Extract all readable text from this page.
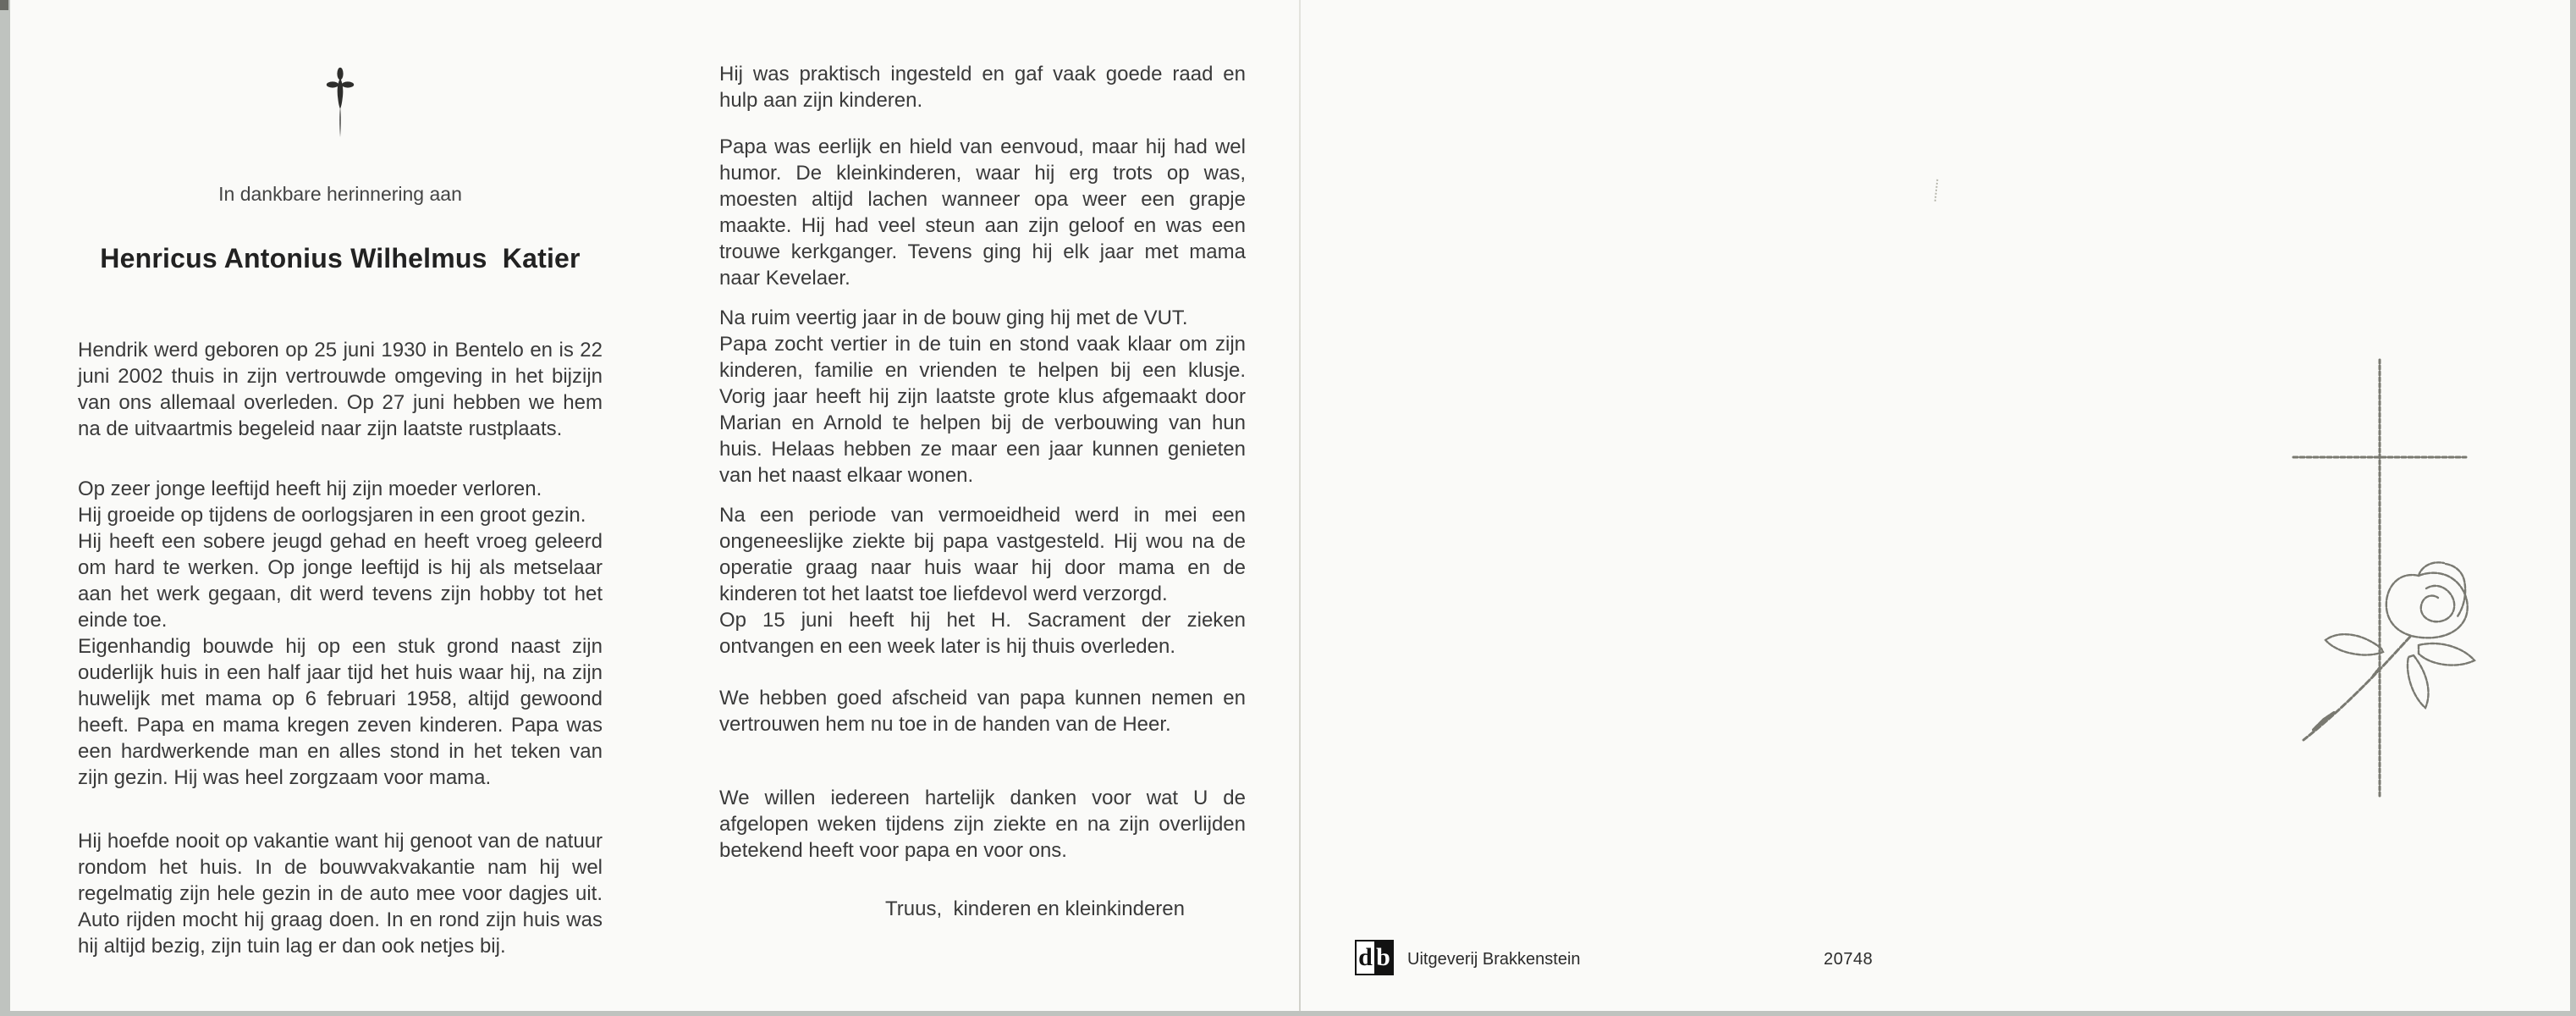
In dankbare herinnering aan
Henricus Antonius Wilhelmus  Katier
Hendrik werd geboren op 25 juni 1930 in Bentelo en is 22 juni 2002 thuis in zijn vertrouwde omgeving in het bijzijn van ons allemaal overleden. Op 27 juni hebben we hem na de uitvaartmis begeleid naar zijn laatste rustplaats.
Op zeer jonge leeftijd heeft hij zijn moeder verloren.
Hij groeide op tijdens de oorlogsjaren in een groot gezin.
Hij heeft een sobere jeugd gehad en heeft vroeg geleerd om hard te werken. Op jonge leeftijd is hij als metselaar aan het werk gegaan, dit werd tevens zijn hobby tot het einde toe.
Eigenhandig bouwde hij op een stuk grond naast zijn ouderlijk huis in een half jaar tijd het huis waar hij, na zijn huwelijk met mama op 6 februari 1958, altijd gewoond heeft. Papa en mama kregen zeven kinderen. Papa was een hardwerkende man en alles stond in het teken van zijn gezin. Hij was heel zorgzaam voor mama.
Hij hoefde nooit op vakantie want hij genoot van de natuur rondom het huis. In de bouwvakvakantie nam hij wel regelmatig zijn hele gezin in de auto mee voor dagjes uit. Auto rijden mocht hij graag doen. In en rond zijn huis was hij altijd bezig, zijn tuin lag er dan ook netjes bij.
Hij was praktisch ingesteld en gaf vaak goede raad en hulp aan zijn kinderen.
Papa was eerlijk en hield van eenvoud, maar hij had wel humor. De kleinkinderen, waar hij erg trots op was, moesten altijd lachen wanneer opa weer een grapje maakte. Hij had veel steun aan zijn geloof en was een trouwe kerkganger. Tevens ging hij elk jaar met mama naar Kevelaer.
Na ruim veertig jaar in de bouw ging hij met de VUT.
Papa zocht vertier in de tuin en stond vaak klaar om zijn kinderen, familie en vrienden te helpen bij een klusje. Vorig jaar heeft hij zijn laatste grote klus afgemaakt door Marian en Arnold te helpen bij de verbouwing van hun huis. Helaas hebben ze maar een jaar kunnen genieten van het naast elkaar wonen.
Na een periode van vermoeidheid werd in mei een ongeneeslijke ziekte bij papa vastgesteld. Hij wou na de operatie graag naar huis waar hij door mama en de kinderen tot het laatst toe liefdevol werd verzorgd.
Op 15 juni heeft hij het H. Sacrament der zieken ontvangen en een week later is hij thuis overleden.
We hebben goed afscheid van papa kunnen nemen en vertrouwen hem nu toe in de handen van de Heer.
We willen iedereen hartelijk danken voor wat U de afgelopen weken tijdens zijn ziekte en na zijn overlijden betekend heeft voor papa en voor ons.
Truus,  kinderen en kleinkinderen
d b Uitgeverij Brakkenstein	20748
